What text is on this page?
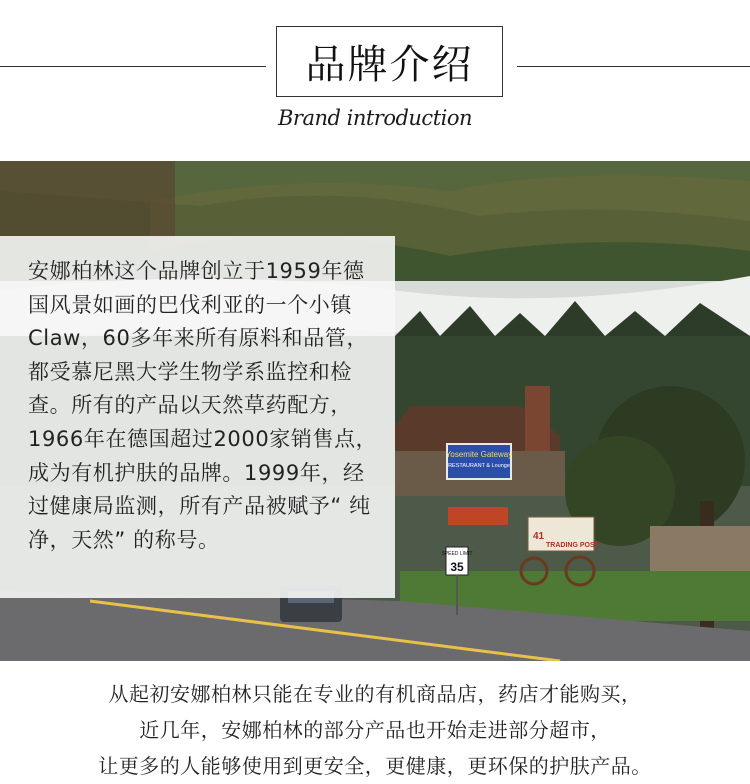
品牌介绍
Brand introduction
Yosemite Gateway
RESTAURANT & Lounge
41
TRADING POST
SPEED LIMIT
35

安娜柏林这个品牌创立于1959年德国风景如画的巴伐利亚的一个小镇Claw，60多年来所有原料和品管，都受慕尼黑大学生物学系监控和检查。所有的产品以天然草药配方，1966年在德国超过2000家销售点，成为有机护肤的品牌。1999年，经过健康局监测，所有产品被赋予“ 纯净，天然” 的称号。

从起初安娜柏林只能在专业的有机商品店，药店才能购买，

近几年，安娜柏林的部分产品也开始走进部分超市，

让更多的人能够使用到更安全，更健康，更环保的护肤产品。
